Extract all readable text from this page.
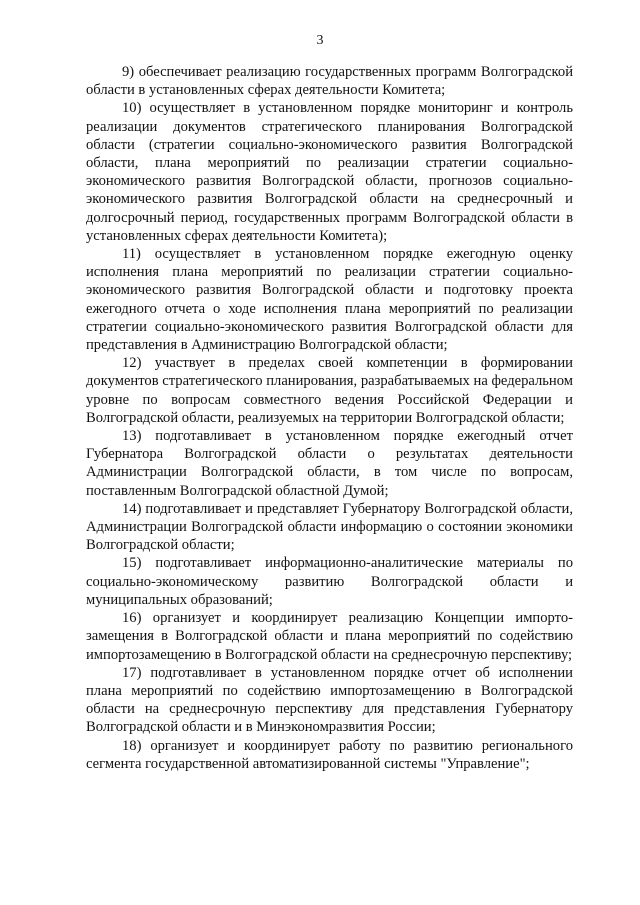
3

9) обеспечивает реализацию государственных программ Волгоградской области в установленных сферах деятельности Комитета;

10) осуществляет в установленном порядке мониторинг и контроль реализации документов стратегического планирования Волгоградской области (стратегии социально-экономического развития Волгоградской области, плана мероприятий по реализации стратегии социально-экономического развития Волгоградской области, прогнозов социально-экономического развития Волгоградской области на среднесрочный и долгосрочный период, государственных программ Волгоградской области в установленных сферах деятельности Комитета);

11) осуществляет в установленном порядке ежегодную оценку исполнения плана мероприятий по реализации стратегии социально-экономического развития Волгоградской области и подготовку проекта ежегодного отчета о ходе исполнения плана мероприятий по реализации стратегии социально-экономического развития Волгоградской области для представления в Администрацию Волгоградской области;

12) участвует в пределах своей компетенции в формировании документов стратегического планирования, разрабатываемых на федеральном уровне по вопросам совместного ведения Российской Федерации и Волгоградской области, реализуемых на территории Волгоградской области;

13) подготавливает в установленном порядке ежегодный отчет Губернатора Волгоградской области о результатах деятельности Администрации Волгоградской области, в том числе по вопросам, поставленным Волгоградской областной Думой;

14) подготавливает и представляет Губернатору Волгоградской области, Администрации Волгоградской области информацию о состоянии экономики Волгоградской области;

15) подготавливает информационно-аналитические материалы по социально-экономическому развитию Волгоградской области и муниципальных образований;

16) организует и координирует реализацию Концепции импортозамещения в Волгоградской области и плана мероприятий по содействию импортозамещению в Волгоградской области на среднесрочную перспективу;

17) подготавливает в установленном порядке отчет об исполнении плана мероприятий по содействию импортозамещению в Волгоградской области на среднесрочную перспективу для представления Губернатору Волгоградской области и в Минэкономразвития России;

18) организует и координирует работу по развитию регионального сегмента государственной автоматизированной системы "Управление";
